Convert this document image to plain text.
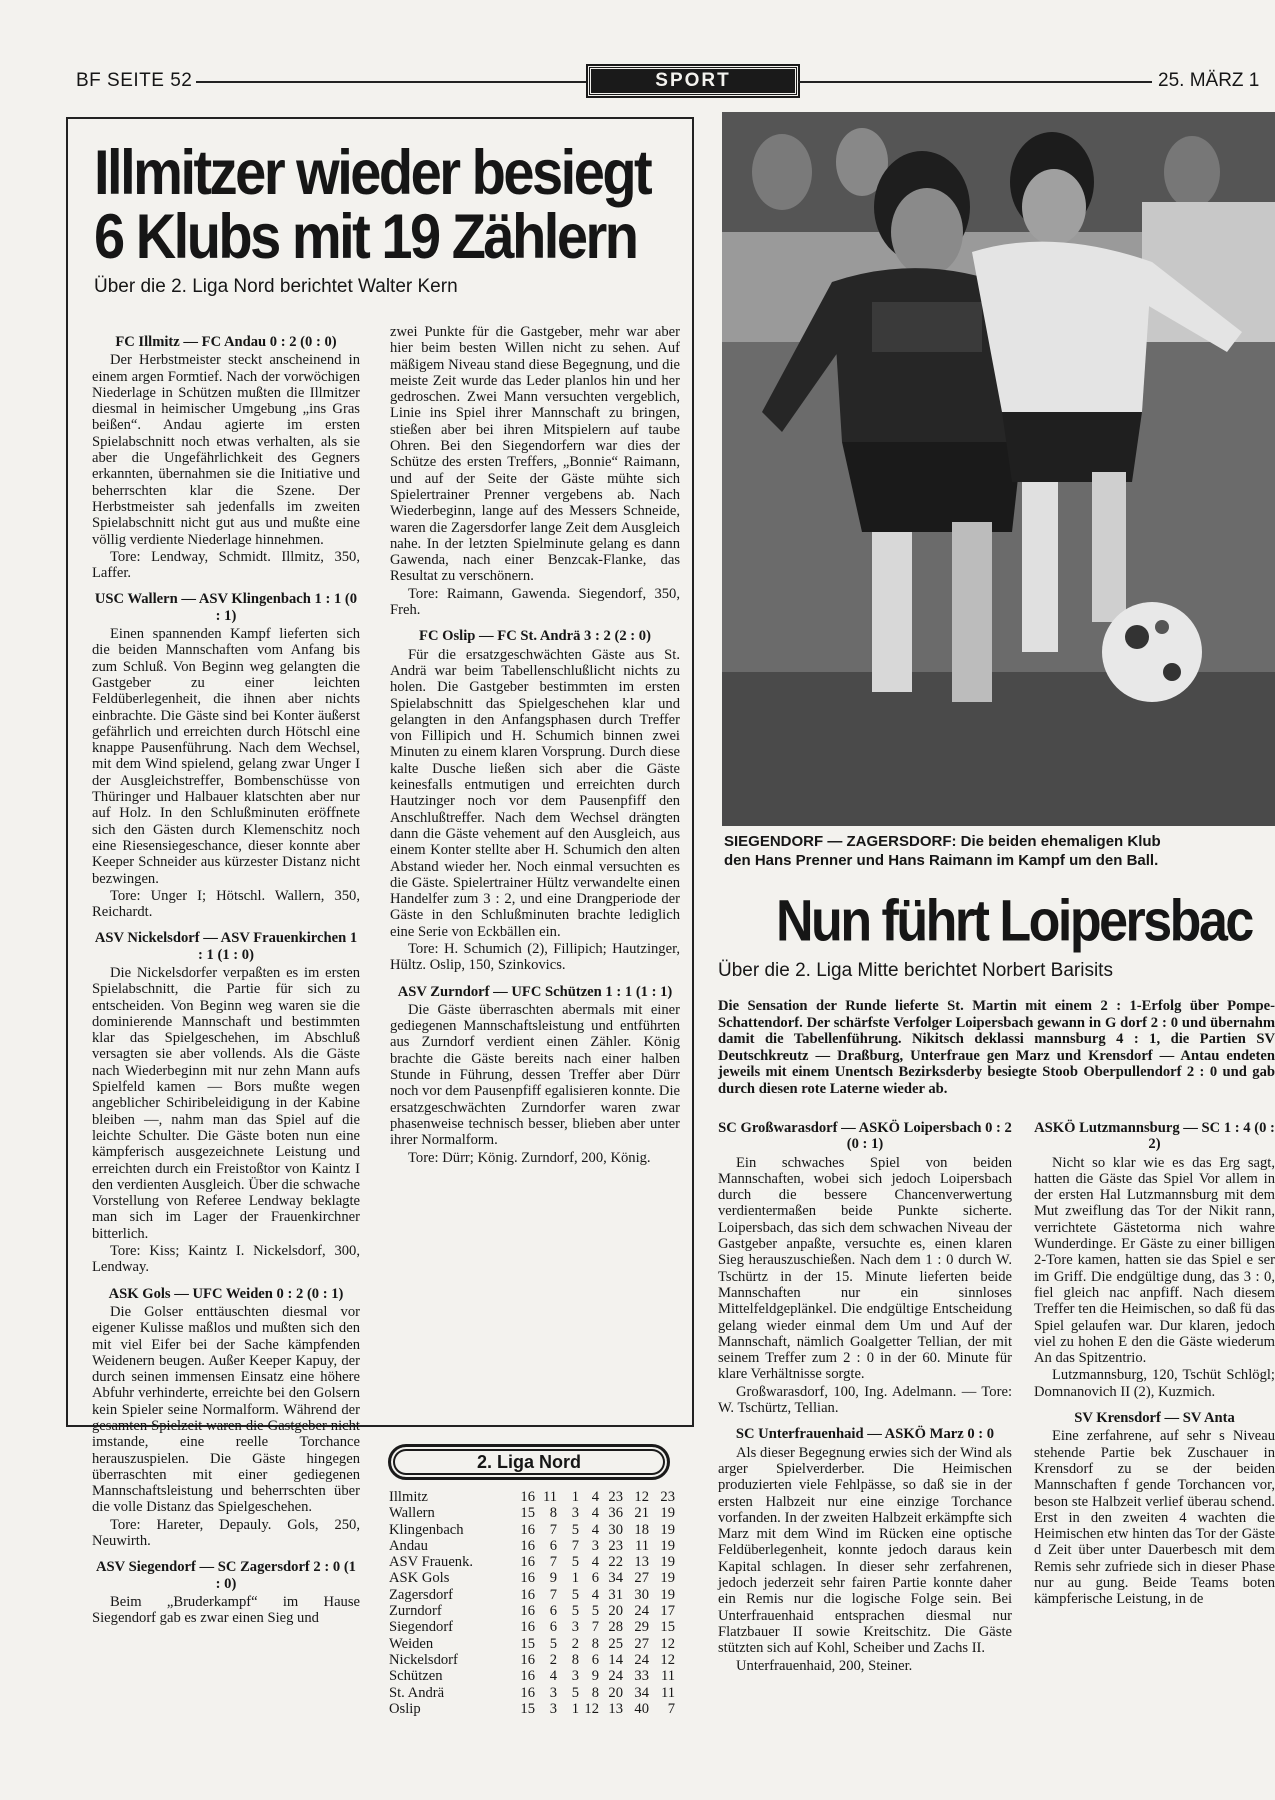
BF SEITE 52	SPORT	25. MÄRZ 1
Illmitzer wieder besiegt
6 Klubs mit 19 Zählern
Über die 2. Liga Nord berichtet Walter Kern

FC Illmitz — FC Andau 0 : 2 (0 : 0)

Der Herbstmeister steckt anscheinend in einem argen Formtief. Nach der vorwöchigen Niederlage in Schützen mußten die Illmitzer diesmal in heimischer Umgebung „ins Gras beißen“. Andau agierte im ersten Spielabschnitt noch etwas verhalten, als sie aber die Ungefährlichkeit des Gegners erkannten, übernahmen sie die Initiative und beherrschten klar die Szene. Der Herbstmeister sah jedenfalls im zweiten Spielabschnitt nicht gut aus und mußte eine völlig verdiente Niederlage hinnehmen.

Tore: Lendway, Schmidt. Illmitz, 350, Laffer.

USC Wallern — ASV Klingenbach 1 : 1 (0 : 1)

Einen spannenden Kampf lieferten sich die beiden Mannschaften vom Anfang bis zum Schluß. Von Beginn weg gelangten die Gastgeber zu einer leichten Feldüberlegenheit, die ihnen aber nichts einbrachte. Die Gäste sind bei Konter äußerst gefährlich und erreichten durch Hötschl eine knappe Pausenführung. Nach dem Wechsel, mit dem Wind spielend, gelang zwar Unger I der Ausgleichstreffer, Bombenschüsse von Thüringer und Halbauer klatschten aber nur auf Holz. In den Schlußminuten eröffnete sich den Gästen durch Klemenschitz noch eine Riesensiegeschance, dieser konnte aber Keeper Schneider aus kürzester Distanz nicht bezwingen.

Tore: Unger I; Hötschl. Wallern, 350, Reichardt.

ASV Nickelsdorf — ASV Frauenkirchen 1 : 1 (1 : 0)

Die Nickelsdorfer verpaßten es im ersten Spielabschnitt, die Partie für sich zu entscheiden. Von Beginn weg waren sie die dominierende Mannschaft und bestimmten klar das Spielgeschehen, im Abschluß versagten sie aber vollends. Als die Gäste nach Wiederbeginn mit nur zehn Mann aufs Spielfeld kamen — Bors mußte wegen angeblicher Schiribeleidigung in der Kabine bleiben —, nahm man das Spiel auf die leichte Schulter. Die Gäste boten nun eine kämpferisch ausgezeichnete Leistung und erreichten durch ein Freistoßtor von Kaintz I den verdienten Ausgleich. Über die schwache Vorstellung von Referee Lendway beklagte man sich im Lager der Frauenkirchner bitterlich.

Tore: Kiss; Kaintz I. Nickelsdorf, 300, Lendway.

ASK Gols — UFC Weiden 0 : 2 (0 : 1)

Die Golser enttäuschten diesmal vor eigener Kulisse maßlos und mußten sich den mit viel Eifer bei der Sache kämpfenden Weidenern beugen. Außer Keeper Kapuy, der durch seinen immensen Einsatz eine höhere Abfuhr verhinderte, erreichte bei den Golsern kein Spieler seine Normalform. Während der gesamten Spielzeit waren die Gastgeber nicht imstande, eine reelle Torchance herauszuspielen. Die Gäste hingegen überraschten mit einer gediegenen Mannschaftsleistung und beherrschten über die volle Distanz das Spielgeschehen.

Tore: Hareter, Depauly. Gols, 250, Neuwirth.

ASV Siegendorf — SC Zagersdorf 2 : 0 (1 : 0)

Beim „Bruderkampf“ im Hause Siegendorf gab es zwar einen Sieg und

zwei Punkte für die Gastgeber, mehr war aber hier beim besten Willen nicht zu sehen. Auf mäßigem Niveau stand diese Begegnung, und die meiste Zeit wurde das Leder planlos hin und her gedroschen. Zwei Mann versuchten vergeblich, Linie ins Spiel ihrer Mannschaft zu bringen, stießen aber bei ihren Mitspielern auf taube Ohren. Bei den Siegendorfern war dies der Schütze des ersten Treffers, „Bonnie“ Raimann, und auf der Seite der Gäste mühte sich Spielertrainer Prenner vergebens ab. Nach Wiederbeginn, lange auf des Messers Schneide, waren die Zagersdorfer lange Zeit dem Ausgleich nahe. In der letzten Spielminute gelang es dann Gawenda, nach einer Benzcak-Flanke, das Resultat zu verschönern.

Tore: Raimann, Gawenda. Siegendorf, 350, Freh.

FC Oslip — FC St. Andrä 3 : 2 (2 : 0)

Für die ersatzgeschwächten Gäste aus St. Andrä war beim Tabellenschlußlicht nichts zu holen. Die Gastgeber bestimmten im ersten Spielabschnitt das Spielgeschehen klar und gelangten in den Anfangsphasen durch Treffer von Fillipich und H. Schumich binnen zwei Minuten zu einem klaren Vorsprung. Durch diese kalte Dusche ließen sich aber die Gäste keinesfalls entmutigen und erreichten durch Hautzinger noch vor dem Pausenpfiff den Anschlußtreffer. Nach dem Wechsel drängten dann die Gäste vehement auf den Ausgleich, aus einem Konter stellte aber H. Schumich den alten Abstand wieder her. Noch einmal versuchten es die Gäste. Spielertrainer Hültz verwandelte einen Handelfer zum 3 : 2, und eine Drangperiode der Gäste in den Schlußminuten brachte lediglich eine Serie von Eckbällen ein.

Tore: H. Schumich (2), Fillipich; Hautzinger, Hültz. Oslip, 150, Szinkovics.

ASV Zurndorf — UFC Schützen 1 : 1 (1 : 1)

Die Gäste überraschten abermals mit einer gediegenen Mannschaftsleistung und entführten aus Zurndorf verdient einen Zähler. König brachte die Gäste bereits nach einer halben Stunde in Führung, dessen Treffer aber Dürr noch vor dem Pausenpfiff egalisieren konnte. Die ersatzgeschwächten Zurndorfer waren zwar phasenweise technisch besser, blieben aber unter ihrer Normalform.

Tore: Dürr; König. Zurndorf, 200, König.

2. Liga Nord
Illmitz	16 11	1 4 23 12 23
Wallern	15	8	3 4 36 21 19
Klingenbach	16	7	5 4 30 18 19
Andau	16	6	7 3 23 11 19
ASV Frauenk.	16	7	5 4 22 13 19
ASK Gols	16	9	1 6 34 27 19
Zagersdorf	16	7	5 4 31 30 19
Zurndorf	16	6	5 5 20 24 17
Siegendorf	16	6	3 7 28 29 15
Weiden	15	5	2 8 25 27 12
Nickelsdorf	16	2	8 6 14 24 12
Schützen	16	4	3 9 24 33 11
St. Andrä	16	3	5 8 20 34 11
Oslip	15	3	1 12 13 40	7
SIEGENDORF — ZAGERSDORF: Die beiden ehemaligen Klub
den Hans Prenner und Hans Raimann im Kampf um den Ball.
Nun führt Loipersbac
Über die 2. Liga Mitte berichtet Norbert Barisits
Die Sensation der Runde lieferte St. Martin mit einem 2 : 1-Erfolg über Pompe-Schattendorf. Der schärfste Verfolger Loipersbach gewann in G dorf 2 : 0 und übernahm damit die Tabellenführung. Nikitsch deklassi mannsburg 4 : 1, die Partien SV Deutschkreutz — Draßburg, Unterfraue gen Marz und Krensdorf — Antau endeten jeweils mit einem Unentsch Bezirksderby besiegte Stoob Oberpullendorf 2 : 0 und gab durch diesen rote Laterne wieder ab.

SC Großwarasdorf — ASKÖ Loipersbach 0 : 2 (0 : 1)

Ein schwaches Spiel von beiden Mannschaften, wobei sich jedoch Loipersbach durch die bessere Chancenverwertung verdientermaßen beide Punkte sicherte. Loipersbach, das sich dem schwachen Niveau der Gastgeber anpaßte, versuchte es, einen klaren Sieg herauszuschießen. Nach dem 1 : 0 durch W. Tschürtz in der 15. Minute lieferten beide Mannschaften nur ein sinnloses Mittelfeldgeplänkel. Die endgültige Entscheidung gelang wieder einmal dem Um und Auf der Mannschaft, nämlich Goalgetter Tellian, der mit seinem Treffer zum 2 : 0 in der 60. Minute für klare Verhältnisse sorgte.

Großwarasdorf, 100, Ing. Adelmann. — Tore: W. Tschürtz, Tellian.

SC Unterfrauenhaid — ASKÖ Marz 0 : 0

Als dieser Begegnung erwies sich der Wind als arger Spielverderber. Die Heimischen produzierten viele Fehlpässe, so daß sie in der ersten Halbzeit nur eine einzige Torchance vorfanden. In der zweiten Halbzeit erkämpfte sich Marz mit dem Wind im Rücken eine optische Feldüberlegenheit, konnte jedoch daraus kein Kapital schlagen. In dieser sehr zerfahrenen, jedoch jederzeit sehr fairen Partie konnte daher ein Remis nur die logische Folge sein. Bei Unterfrauenhaid entsprachen diesmal nur Flatzbauer II sowie Kreitschitz. Die Gäste stützten sich auf Kohl, Scheiber und Zachs II.

Unterfrauenhaid, 200, Steiner.

ASKÖ Lutzmannsburg — SC 1 : 4 (0 : 2)

Nicht so klar wie es das Erg sagt, hatten die Gäste das Spiel Vor allem in der ersten Hal Lutzmannsburg mit dem Mut zweiflung das Tor der Nikit rann, verrichtete Gästetorma nich wahre Wunderdinge. Er Gäste zu einer billigen 2-Tore kamen, hatten sie das Spiel e ser im Griff. Die endgültige dung, das 3 : 0, fiel gleich nac anpfiff. Nach diesem Treffer ten die Heimischen, so daß fü das Spiel gelaufen war. Dur klaren, jedoch viel zu hohen E den die Gäste wiederum An das Spitzentrio.

Lutzmannsburg, 120, Tschüt Schlögl; Domnanovich II (2), Kuzmich.

SV Krensdorf — SV Anta

Eine zerfahrene, auf sehr s Niveau stehende Partie bek Zuschauer in Krensdorf zu se der beiden Mannschaften f gende Torchancen vor, beson ste Halbzeit verlief überau schend. Erst in den zweiten 4 wachten die Heimischen etw hinten das Tor der Gäste d Zeit über unter Dauerbesch mit dem Remis sehr zufriede sich in dieser Phase nur au gung. Beide Teams boten kämpferische Leistung, in de
